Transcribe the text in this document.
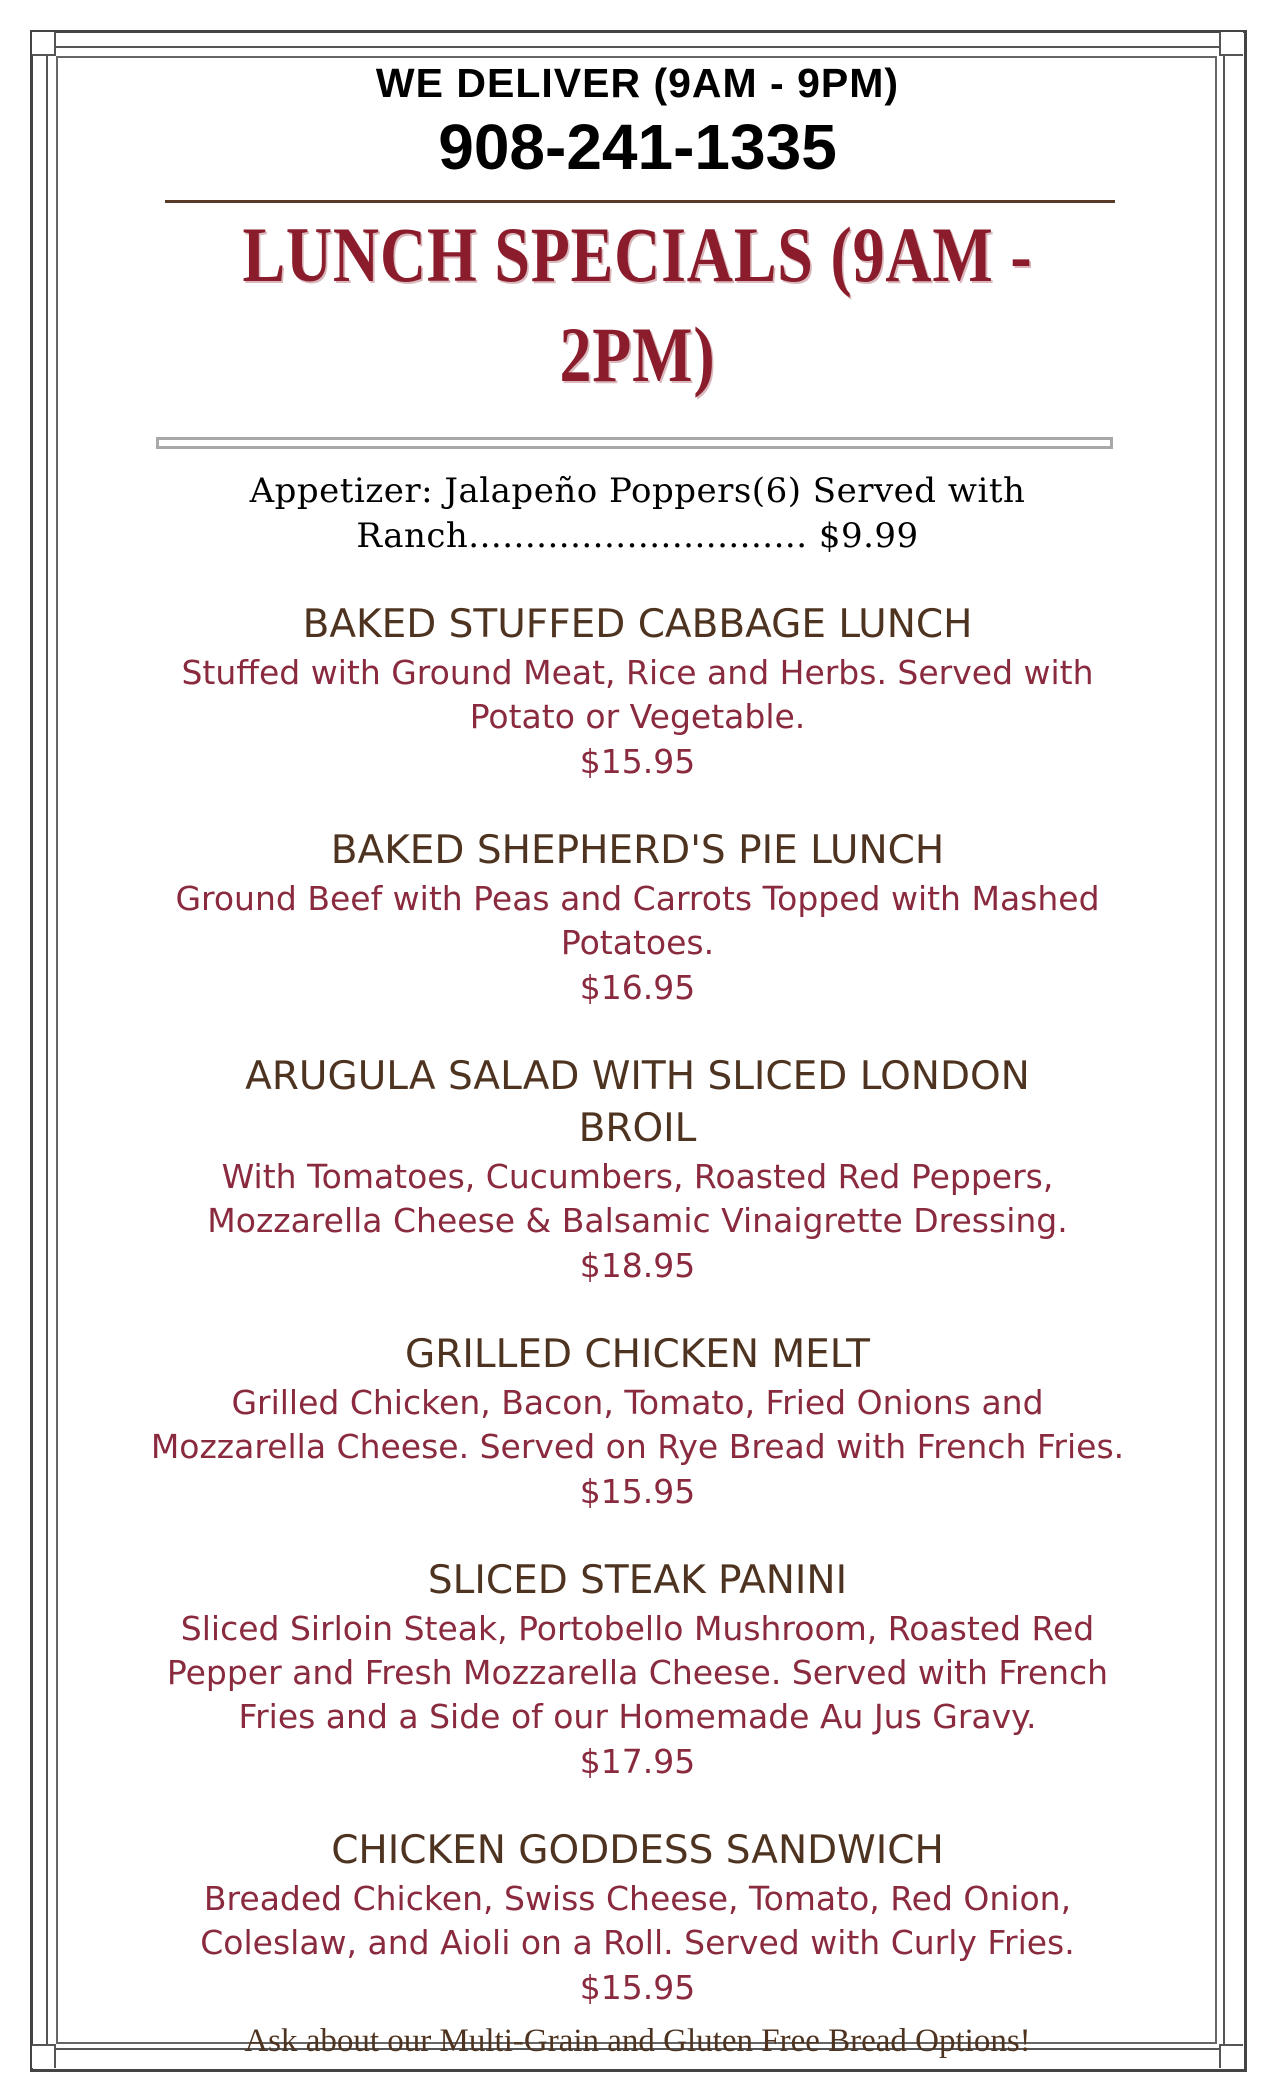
WE DELIVER (9AM - 9PM)
908-241-1335
LUNCH SPECIALS (9AM - 2PM)
Appetizer: Jalapeño Poppers(6) Served with Ranch.............................. $9.99
BAKED STUFFED CABBAGE LUNCH
Stuffed with Ground Meat, Rice and Herbs. Served with Potato or Vegetable.
$15.95
BAKED SHEPHERD'S PIE LUNCH
Ground Beef with Peas and Carrots Topped with Mashed Potatoes.
$16.95
ARUGULA SALAD WITH SLICED LONDON BROIL
With Tomatoes, Cucumbers, Roasted Red Peppers, Mozzarella Cheese & Balsamic Vinaigrette Dressing.
$18.95
GRILLED CHICKEN MELT
Grilled Chicken, Bacon, Tomato, Fried Onions and Mozzarella Cheese. Served on Rye Bread with French Fries.
$15.95
SLICED STEAK PANINI
Sliced Sirloin Steak, Portobello Mushroom, Roasted Red Pepper and Fresh Mozzarella Cheese. Served with French Fries and a Side of our Homemade Au Jus Gravy.
$17.95
CHICKEN GODDESS SANDWICH
Breaded Chicken, Swiss Cheese, Tomato, Red Onion, Coleslaw, and Aioli on a Roll. Served with Curly Fries.
$15.95
Ask about our Multi-Grain and Gluten Free Bread Options!
